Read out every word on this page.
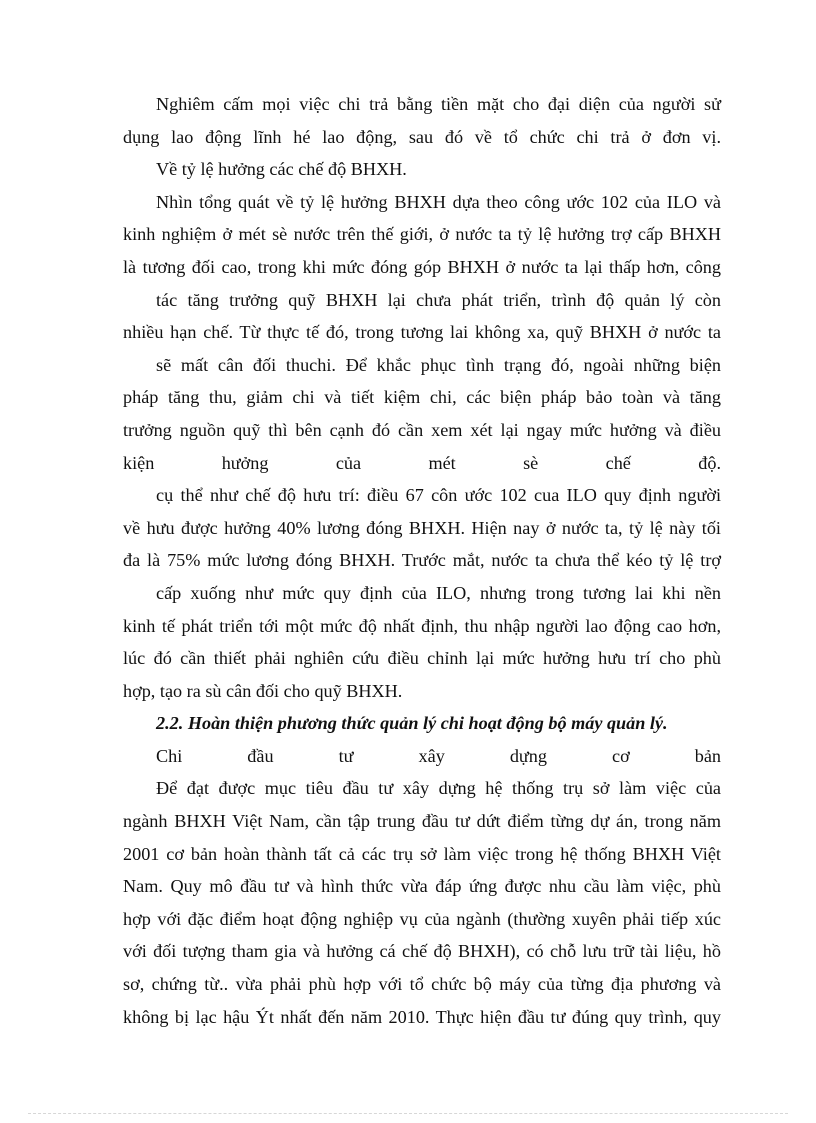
Nghiêm cấm mọi việc chi trả bằng tiền mặt cho đại diện của người sử
dụng lao động lĩnh hé lao động, sau đó về tổ chức chi trả ở đơn vị.
Về tỷ lệ hưởng các chế độ BHXH.
Nhìn tổng quát về tỷ lệ hưởng BHXH dựa theo công ước 102 của ILO và
kinh nghiệm ở mét sè nước trên thế giới, ở nước ta tỷ lệ hưởng trợ cấp BHXH
là tương đối cao, trong khi mức đóng góp BHXH ở nước ta lại thấp hơn, công
tác tăng trưởng quỹ BHXH lại chưa phát triển, trình độ quản lý còn
nhiều hạn chế. Từ thực tế đó, trong tương lai không xa, quỹ BHXH ở nước ta
sẽ mất cân đối thuchi. Để khắc phục tình trạng đó, ngoài những biện
pháp tăng thu, giảm chi và tiết kiệm chi, các biện pháp bảo toàn và tăng
trưởng nguồn quỹ thì bên cạnh đó cần xem xét lại ngay mức hưởng và điều
kiện hưởng của mét sè chế độ.
cụ thể như chế độ hưu trí: điều 67 côn ước 102 cua ILO quy định người
về hưu được hưởng 40% lương đóng BHXH. Hiện nay ở nước ta, tỷ lệ này tối
đa là 75% mức lương đóng BHXH. Trước mắt, nước ta chưa thể kéo tỷ lệ trợ
cấp xuống như mức quy định của ILO, nhưng trong tương lai khi nền
kinh tế phát triển tới một mức độ nhất định, thu nhập người lao động cao hơn,
lúc đó cần thiết phải nghiên cứu điều chỉnh lại mức hưởng hưu trí cho phù
hợp, tạo ra sù cân đối cho quỹ BHXH.
2.2. Hoàn thiện phương thức quản lý chi hoạt động bộ máy quản lý.
Chi đầu tư xây dựng cơ bản
Để đạt được mục tiêu đầu tư xây dựng hệ thống trụ sở làm việc của
ngành BHXH Việt Nam, cần tập trung đầu tư dứt điểm từng dự án, trong năm
2001 cơ bản hoàn thành tất cả các trụ sở làm việc trong hệ thống BHXH Việt
Nam. Quy mô đầu tư và hình thức vừa đáp ứng được nhu cầu làm việc, phù
hợp với đặc điểm hoạt động nghiệp vụ của ngành (thường xuyên phải tiếp xúc
với đối tượng tham gia và hưởng cá chế độ BHXH), có chỗ lưu trữ tài liệu, hồ
sơ, chứng từ.. vừa phải phù hợp với tổ chức bộ máy của từng địa phương và
không bị lạc hậu Ýt nhất đến năm 2010. Thực hiện đầu tư đúng quy trình, quy
